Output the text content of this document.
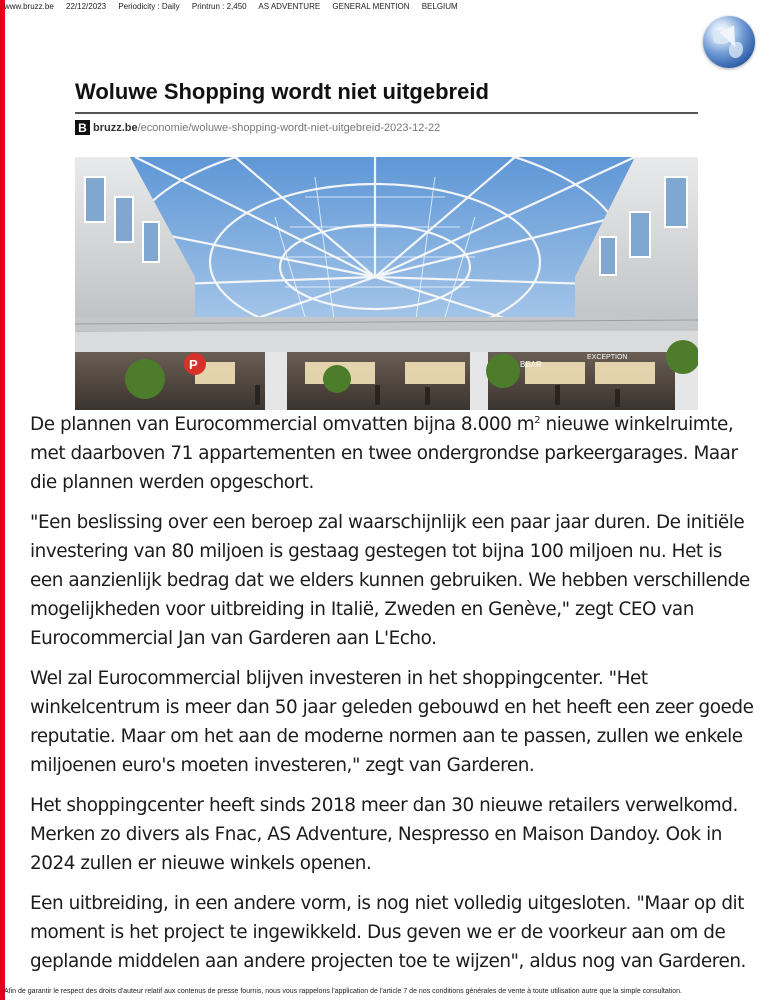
www.bruzz.be 22/12/2023 Periodicity : Daily Printrun : 2,450 AS ADVENTURE GENERAL MENTION BELGIUM
Woluwe Shopping wordt niet uitgebreid
B bruzz.be /economie/woluwe-shopping-wordt-niet-uitgebreid-2023-12-22
P	BEAR
EXCEPTION

De plannen van Eurocommercial omvatten bijna 8.000 $m^2$ nieuwe winkelruimte, met daarboven 71 appartementen en twee ondergrondse parkeergarages. Maar die plannen werden opgeschort.

"Een beslissing over een beroep zal waarschijnlijk een paar jaar duren. De initiële investering van 80 miljoen is gestaag gestegen tot bijna 100 miljoen nu. Het is een aanzienlijk bedrag dat we elders kunnen gebruiken. We hebben verschillende mogelijkheden voor uitbreiding in Italië, Zweden en Genève," zegt CEO van Eurocommercial Jan van Garderen aan L'Echo.

Wel zal Eurocommercial blijven investeren in het shoppingcenter. "Het winkelcentrum is meer dan 50 jaar geleden gebouwd en het heeft een zeer goede reputatie. Maar om het aan de moderne normen aan te passen, zullen we enkele miljoenen euro's moeten investeren," zegt van Garderen.

Het shoppingcenter heeft sinds 2018 meer dan 30 nieuwe retailers verwelkomd. Merken zo divers als Fnac, AS Adventure, Nespresso en Maison Dandoy. Ook in 2024 zullen er nieuwe winkels openen.

Een uitbreiding, in een andere vorm, is nog niet volledig uitgesloten. "Maar op dit moment is het project te ingewikkeld. Dus geven we er de voorkeur aan om de geplande middelen aan andere projecten toe te wijzen", aldus nog van Garderen.

Afin de garantir le respect des droits d'auteur relatif aux contenus de presse fournis, nous vous rappelons l'application de l'article 7 de nos conditions générales de vente à toute utilisation autre que la simple consultation.
